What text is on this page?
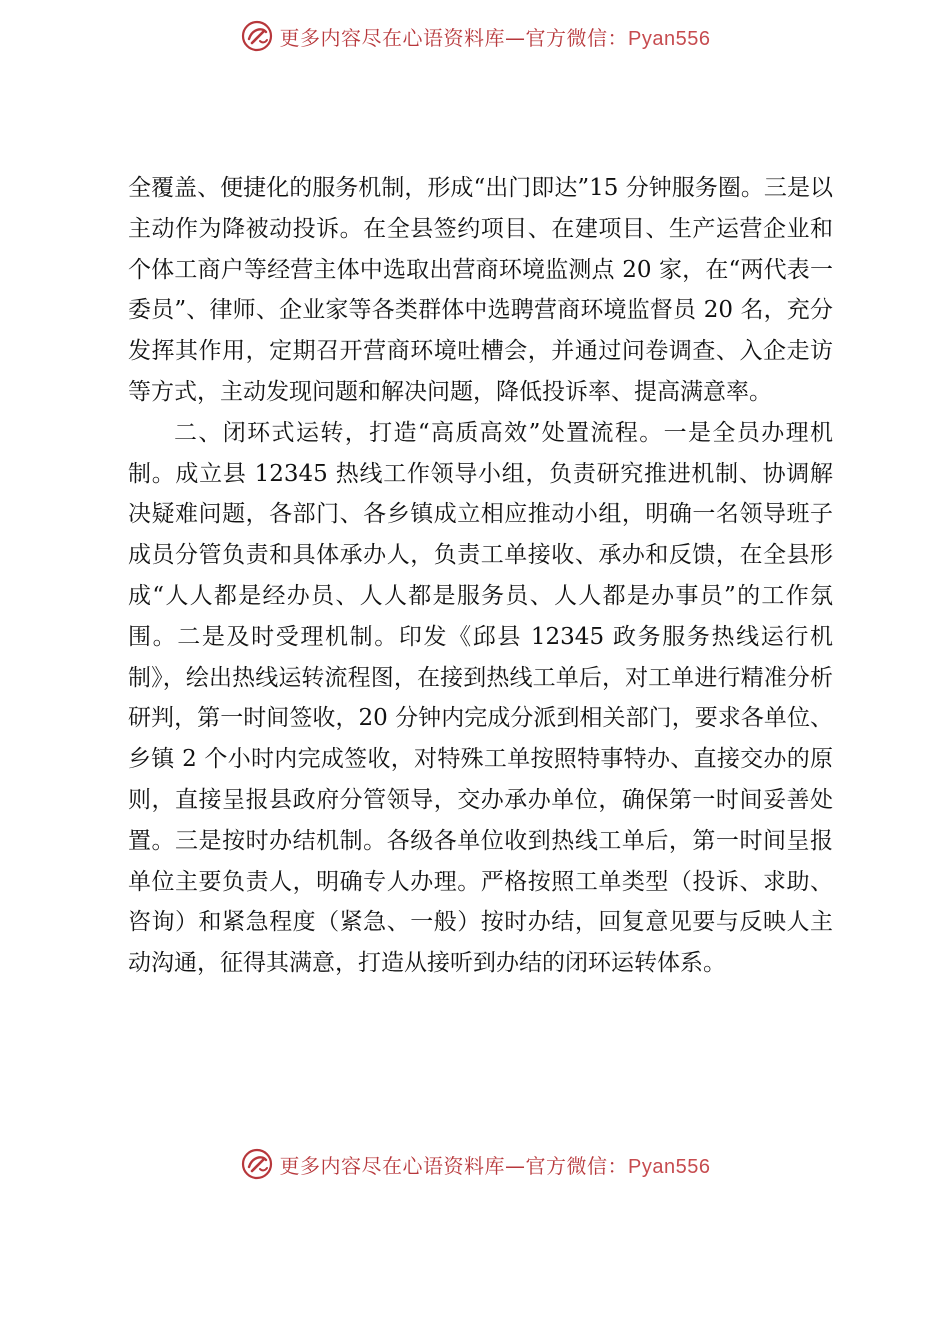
更多内容尽在心语资料库—官方微信：Pyan556

全覆盖、便捷化的服务机制，形成“出门即达”15 分钟服务圈。三是以主动作为降被动投诉。在全县签约项目、在建项目、生产运营企业和个体工商户等经营主体中选取出营商环境监测点 20 家，在“两代表一委员”、律师、企业家等各类群体中选聘营商环境监督员 20 名，充分发挥其作用，定期召开营商环境吐槽会，并通过问卷调查、入企走访等方式，主动发现问题和解决问题，降低投诉率、提高满意率。

二、闭环式运转，打造“高质高效”处置流程。一是全员办理机制。成立县 12345 热线工作领导小组，负责研究推进机制、协调解决疑难问题，各部门、各乡镇成立相应推动小组，明确一名领导班子成员分管负责和具体承办人，负责工单接收、承办和反馈，在全县形成“人人都是经办员、人人都是服务员、人人都是办事员”的工作氛围。二是及时受理机制。印发《邱县 12345 政务服务热线运行机制》，绘出热线运转流程图，在接到热线工单后，对工单进行精准分析研判，第一时间签收，20 分钟内完成分派到相关部门，要求各单位、乡镇 2 个小时内完成签收，对特殊工单按照特事特办、直接交办的原则，直接呈报县政府分管领导，交办承办单位，确保第一时间妥善处置。三是按时办结机制。各级各单位收到热线工单后，第一时间呈报单位主要负责人，明确专人办理。严格按照工单类型（投诉、求助、咨询）和紧急程度（紧急、一般）按时办结，回复意见要与反映人主动沟通，征得其满意，打造从接听到办结的闭环运转体系。

更多内容尽在心语资料库—官方微信：Pyan556
